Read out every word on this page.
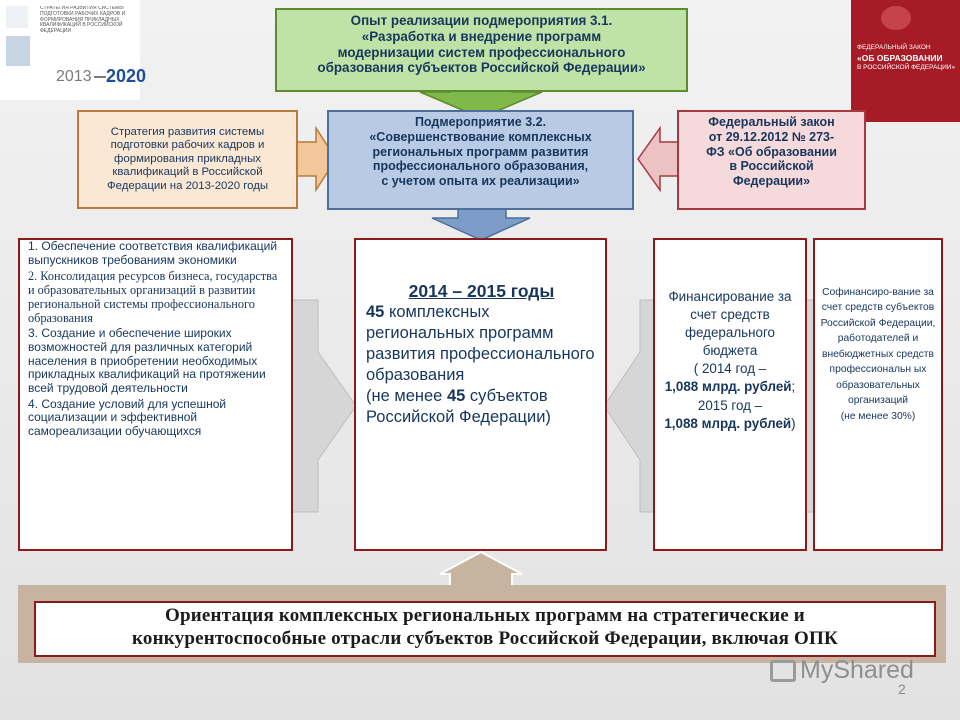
СТРАТЕГИЯ РАЗВИТИЯ СИСТЕМЫ ПОДГОТОВКИ РАБОЧИХ КАДРОВ И ФОРМИРОВАНИЯ ПРИКЛАДНЫХ КВАЛИФИКАЦИЙ В РОССИЙСКОЙ ФЕДЕРАЦИИ
2013 2020
ФЕДЕРАЛЬНЫЙ ЗАКОН
«ОБ ОБРАЗОВАНИИ
В РОССИЙСКОЙ ФЕДЕРАЦИИ»
Опыт реализации подмероприятия 3.1.
«Разработка и внедрение программ
модернизации систем профессионального
образования субъектов Российской Федерации»
Стратегия развития системы
подготовки рабочих кадров и
формирования прикладных
квалификаций в Российской
Федерации на 2013-2020 годы
Подмероприятие 3.2.
«Совершенствование комплексных
региональных программ развития
профессионального образования,
с учетом опыта их реализации»
Федеральный закон
от 29.12.2012 № 273-
ФЗ «Об образовании
в Российской
Федерации»

1. Обеспечение соответствия квалификаций выпускников требованиям экономики

2. Консолидация ресурсов бизнеса, государства и образовательных организаций в развитии региональной системы профессионального образования

3. Создание и обеспечение широких возможностей для различных категорий населения в приобретении необходимых прикладных квалификаций на протяжении всей трудовой деятельности

4. Создание условий для успешной социализации и эффективной самореализации обучающихся

2014 – 2015 годы
45 комплексных региональных программ развития профессионального образования
(не менее 45 субъектов Российской Федерации)
Финансирование за счет средств федерального бюджета
( 2014 год –
1,088 млрд. рублей;
2015 год –
1,088 млрд. рублей)
Софинансиро-вание за счет средств субъектов Российской Федерации, работодателей и внебюджетных средств профессиональн ых образовательных организаций
(не менее 30%)
Ориентация комплексных региональных программ на стратегические и
конкурентоспособные отрасли субъектов Российской Федерации, включая ОПК
MyShared
2
